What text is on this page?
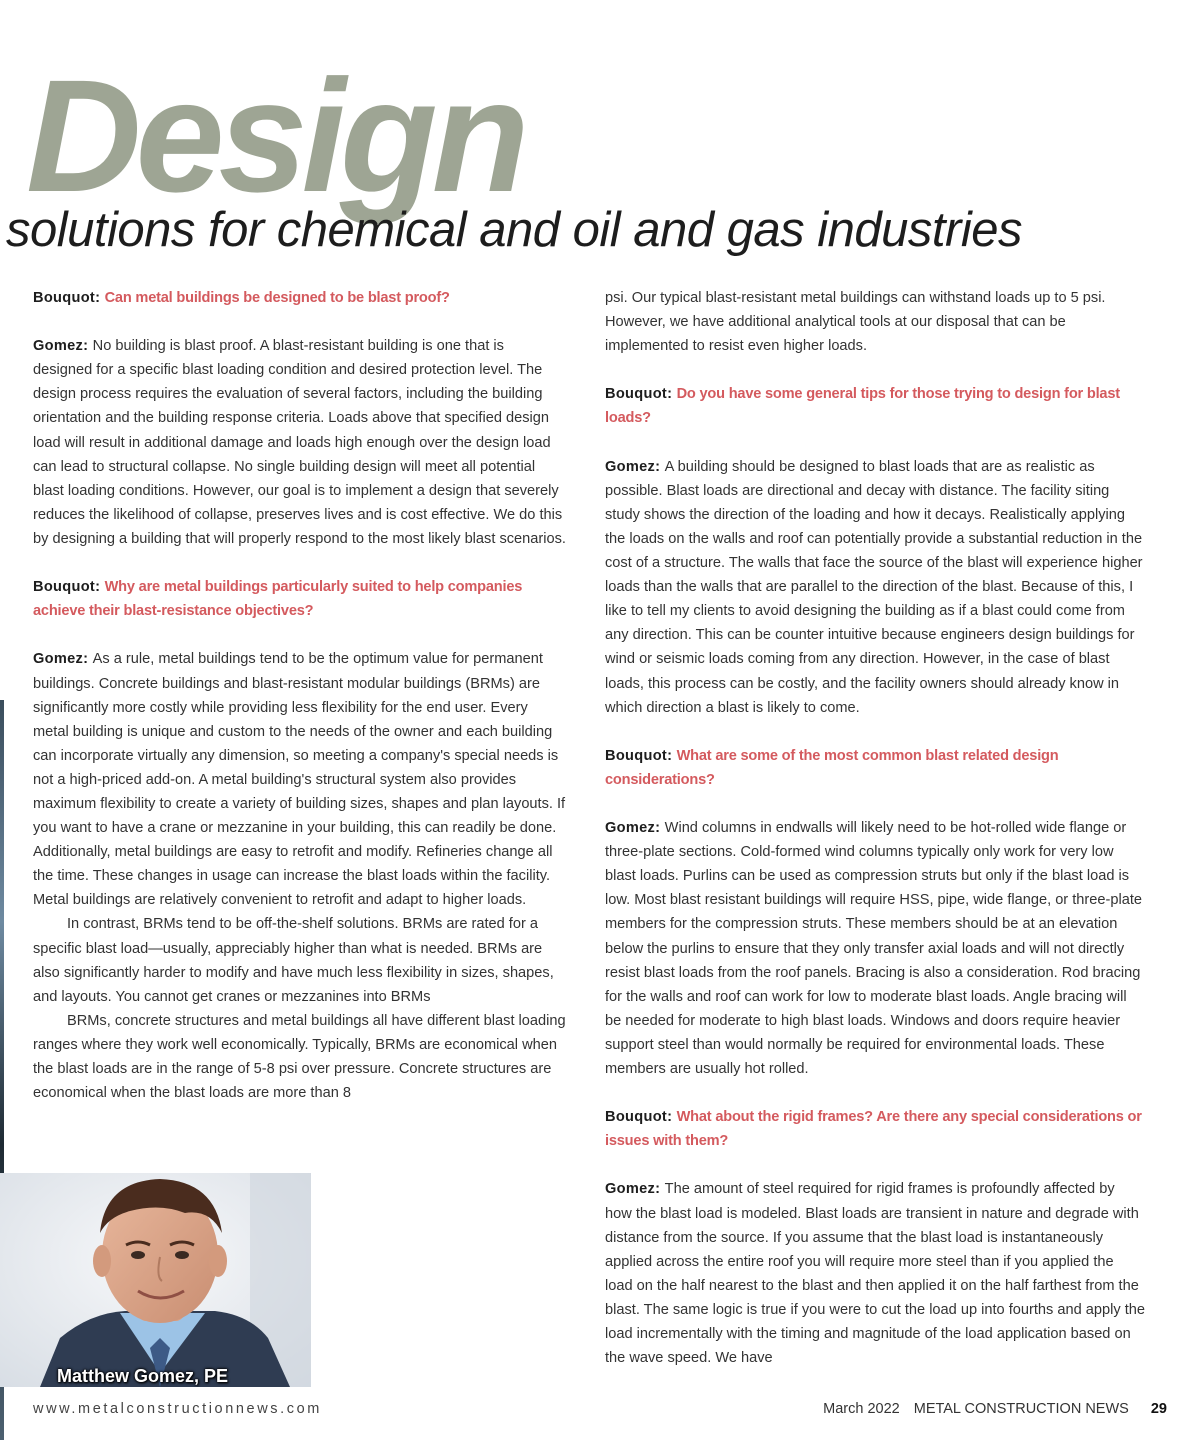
Design
solutions for chemical and oil and gas industries

Bouquot: Can metal buildings be designed to be blast proof?

Gomez: No building is blast proof. A blast-resistant building is one that is designed for a specific blast loading condition and desired protection level. The design process requires the evaluation of several factors, including the building orientation and the building response criteria. Loads above that specified design load will result in additional damage and loads high enough over the design load can lead to structural collapse. No single building design will meet all potential blast loading conditions. However, our goal is to implement a design that severely reduces the likelihood of collapse, preserves lives and is cost effective. We do this by designing a building that will properly respond to the most likely blast scenarios.

Bouquot: Why are metal buildings particularly suited to help companies achieve their blast-resistance objectives?

Gomez: As a rule, metal buildings tend to be the optimum value for permanent buildings. Concrete buildings and blast-resistant modular buildings (BRMs) are significantly more costly while providing less flexibility for the end user. Every metal building is unique and custom to the needs of the owner and each building can incorporate virtually any dimension, so meeting a company's special needs is not a high-priced add-on. A metal building's structural system also provides maximum flexibility to create a variety of building sizes, shapes and plan layouts. If you want to have a crane or mezzanine in your building, this can readily be done. Additionally, metal buildings are easy to retrofit and modify. Refineries change all the time. These changes in usage can increase the blast loads within the facility. Metal buildings are relatively convenient to retrofit and adapt to higher loads.

In contrast, BRMs tend to be off-the-shelf solutions. BRMs are rated for a specific blast load—usually, appreciably higher than what is needed. BRMs are also significantly harder to modify and have much less flexibility in sizes, shapes, and layouts. You cannot get cranes or mezzanines into BRMs

BRMs, concrete structures and metal buildings all have different blast loading ranges where they work well economically. Typically, BRMs are economical when the blast loads are in the range of 5-8 psi over pressure. Concrete structures are economical when the blast loads are more than 8

psi. Our typical blast-resistant metal buildings can withstand loads up to 5 psi. However, we have additional analytical tools at our disposal that can be implemented to resist even higher loads.

Bouquot: Do you have some general tips for those trying to design for blast loads?

Gomez: A building should be designed to blast loads that are as realistic as possible. Blast loads are directional and decay with distance. The facility siting study shows the direction of the loading and how it decays. Realistically applying the loads on the walls and roof can potentially provide a substantial reduction in the cost of a structure. The walls that face the source of the blast will experience higher loads than the walls that are parallel to the direction of the blast. Because of this, I like to tell my clients to avoid designing the building as if a blast could come from any direction. This can be counter intuitive because engineers design buildings for wind or seismic loads coming from any direction. However, in the case of blast loads, this process can be costly, and the facility owners should already know in which direction a blast is likely to come.

Bouquot: What are some of the most common blast related design considerations?

Gomez: Wind columns in endwalls will likely need to be hot-rolled wide flange or three-plate sections. Cold-formed wind columns typically only work for very low blast loads. Purlins can be used as compression struts but only if the blast load is low. Most blast resistant buildings will require HSS, pipe, wide flange, or three-plate members for the compression struts. These members should be at an elevation below the purlins to ensure that they only transfer axial loads and will not directly resist blast loads from the roof panels. Bracing is also a consideration. Rod bracing for the walls and roof can work for low to moderate blast loads. Angle bracing will be needed for moderate to high blast loads. Windows and doors require heavier support steel than would normally be required for environmental loads. These members are usually hot rolled.

Bouquot: What about the rigid frames? Are there any special considerations or issues with them?

Gomez: The amount of steel required for rigid frames is profoundly affected by how the blast load is modeled. Blast loads are transient in nature and degrade with distance from the source. If you assume that the blast load is instantaneously applied across the entire roof you will require more steel than if you applied the load on the half nearest to the blast and then applied it on the half farthest from the blast. The same logic is true if you were to cut the load up into fourths and apply the load incrementally with the timing and magnitude of the load application based on the wave speed. We have

Matthew Gomez, PE
www.metalconstructionnews.com	March 2022 METAL CONSTRUCTION NEWS 29
